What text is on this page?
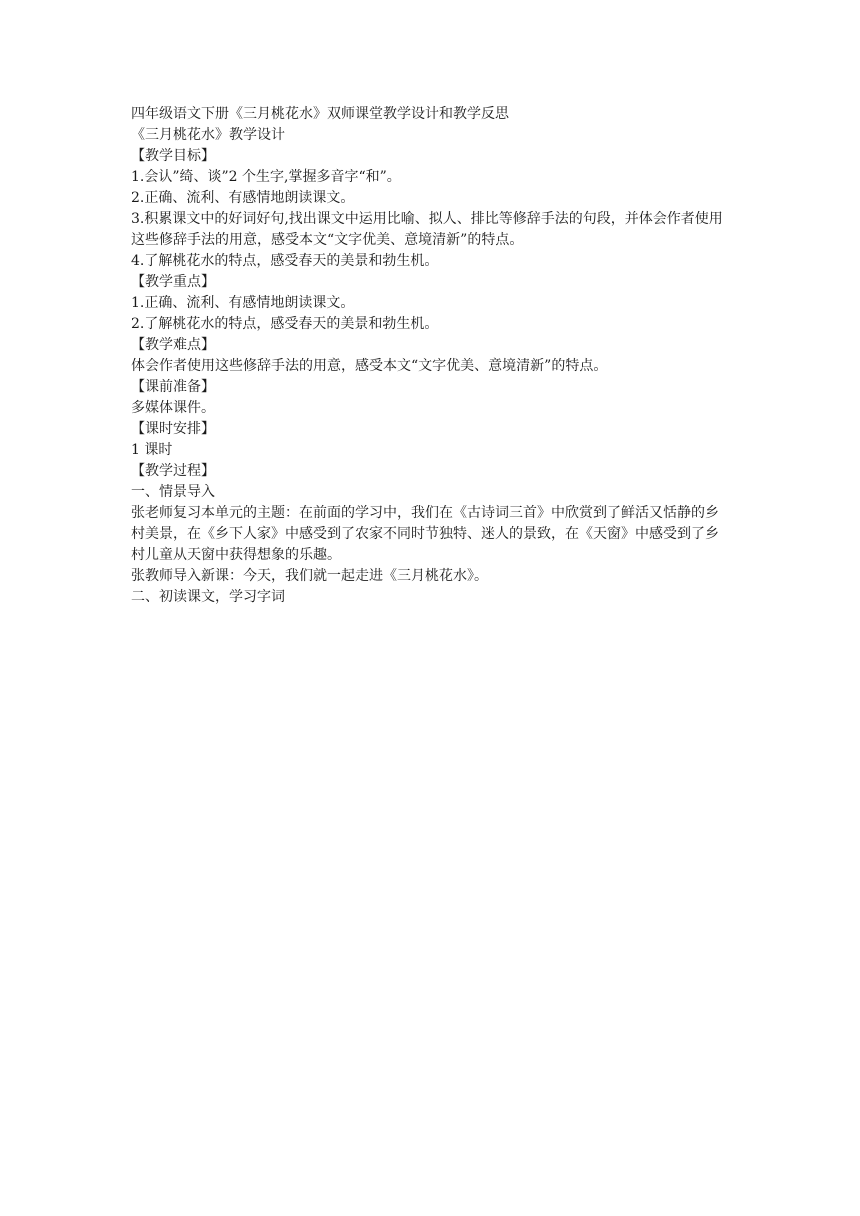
四年级语文下册《三月桃花水》双师课堂教学设计和教学反思

《三月桃花水》教学设计

【教学目标】

1.会认”绮、谈”2 个生字,掌握多音字“和”。

2.正确、流利、有感情地朗读课文。

3.积累课文中的好词好句,找出课文中运用比喻、拟人、排比等修辞手法的句段，并体会作者使用这些修辞手法的用意，感受本文“文字优美、意境清新”的特点。

4.了解桃花水的特点，感受春天的美景和勃生机。

【教学重点】

1.正确、流利、有感情地朗读课文。

2.了解桃花水的特点，感受春天的美景和勃生机。

【教学难点】

体会作者使用这些修辞手法的用意，感受本文“文字优美、意境清新”的特点。

【课前准备】

多媒体课件。

【课时安排】

1 课时

【教学过程】

一、情景导入

张老师复习本单元的主题：在前面的学习中，我们在《古诗词三首》中欣赏到了鲜活又恬静的乡村美景，在《乡下人家》中感受到了农家不同时节独特、迷人的景致，在《天窗》中感受到了乡村儿童从天窗中获得想象的乐趣。

张教师导入新课：今天，我们就一起走进《三月桃花水》。

二、初读课文，学习字词
